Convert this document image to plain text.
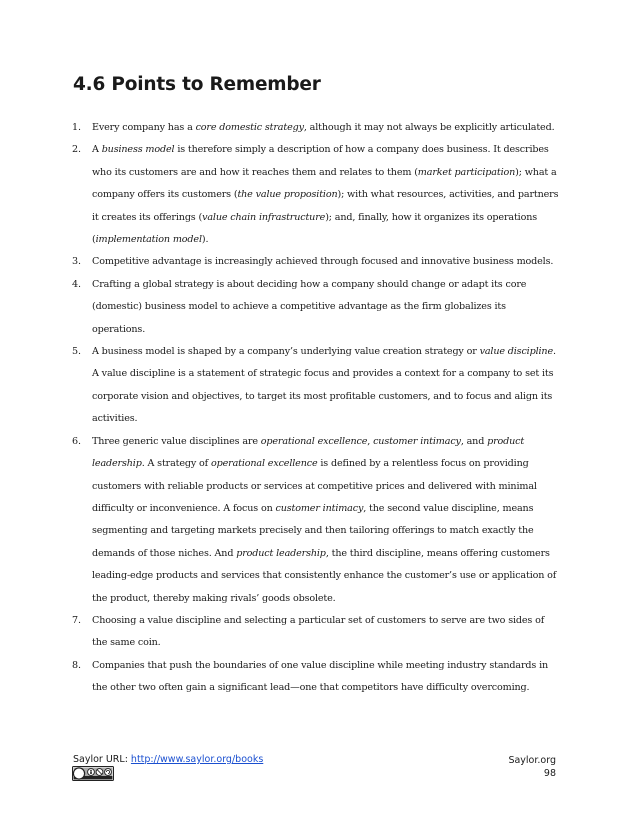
4.6 Points to Remember
1. Every company has a core domestic strategy, although it may not always be explicitly articulated.
2. A business model is therefore simply a description of how a company does business. It describes who its customers are and how it reaches them and relates to them (market participation); what a company offers its customers (the value proposition); with what resources, activities, and partners it creates its offerings (value chain infrastructure); and, finally, how it organizes its operations (implementation model).
3. Competitive advantage is increasingly achieved through focused and innovative business models.
4. Crafting a global strategy is about deciding how a company should change or adapt its core (domestic) business model to achieve a competitive advantage as the firm globalizes its operations.
5. A business model is shaped by a company’s underlying value creation strategy or value discipline. A value discipline is a statement of strategic focus and provides a context for a company to set its corporate vision and objectives, to target its most profitable customers, and to focus and align its activities.
6. Three generic value disciplines are operational excellence, customer intimacy, and product leadership. A strategy of operational excellence is defined by a relentless focus on providing customers with reliable products or services at competitive prices and delivered with minimal difficulty or inconvenience. A focus on customer intimacy, the second value discipline, means segmenting and targeting markets precisely and then tailoring offerings to match exactly the demands of those niches. And product leadership, the third discipline, means offering customers leading-edge products and services that consistently enhance the customer’s use or application of the product, thereby making rivals’ goods obsolete.
7. Choosing a value discipline and selecting a particular set of customers to serve are two sides of the same coin.
8. Companies that push the boundaries of one value discipline while meeting industry standards in the other two often gain a significant lead—one that competitors have difficulty overcoming.
Saylor URL: http://www.saylor.org/books	Saylor.org
98
